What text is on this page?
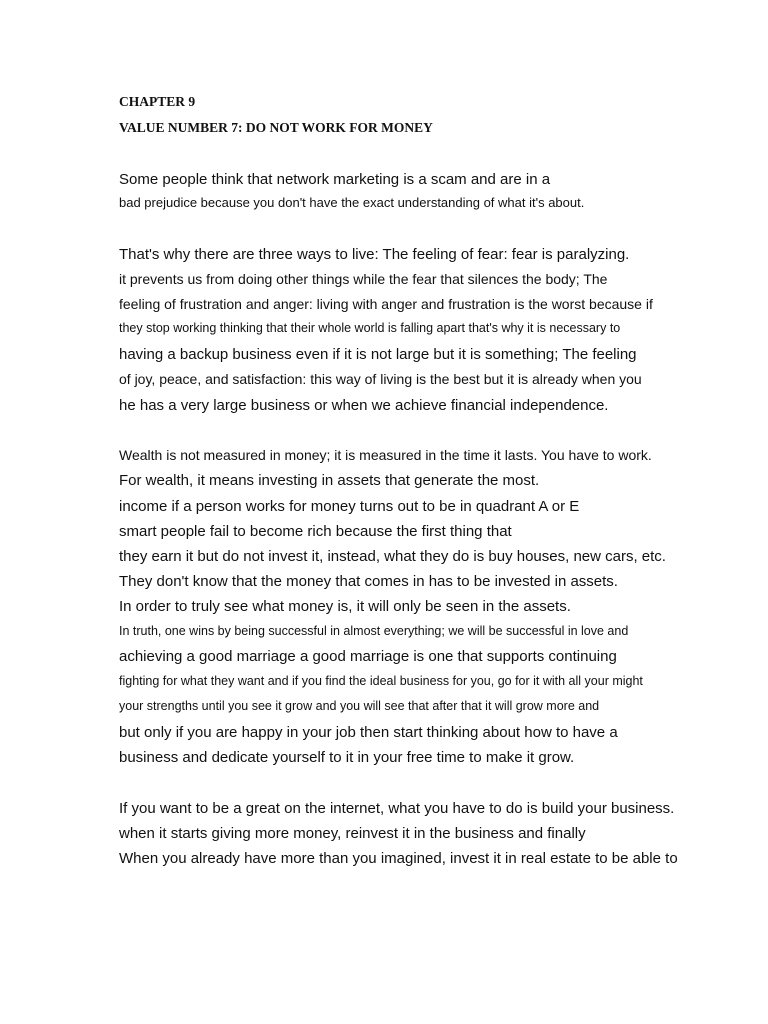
CHAPTER 9

VALUE NUMBER 7: DO NOT WORK FOR MONEY

Some people think that network marketing is a scam and are in a

bad prejudice because you don't have the exact understanding of what it's about.

That's why there are three ways to live: The feeling of fear: fear is paralyzing.

it prevents us from doing other things while the fear that silences the body; The

feeling of frustration and anger: living with anger and frustration is the worst because if

they stop working thinking that their whole world is falling apart that's why it is necessary to

having a backup business even if it is not large but it is something; The feeling

of joy, peace, and satisfaction: this way of living is the best but it is already when you

he has a very large business or when we achieve financial independence.

Wealth is not measured in money; it is measured in the time it lasts. You have to work.

For wealth, it means investing in assets that generate the most.

income if a person works for money turns out to be in quadrant A or E

smart people fail to become rich because the first thing that

they earn it but do not invest it, instead, what they do is buy houses, new cars, etc.

They don't know that the money that comes in has to be invested in assets.

In order to truly see what money is, it will only be seen in the assets.

In truth, one wins by being successful in almost everything; we will be successful in love and

achieving a good marriage a good marriage is one that supports continuing

fighting for what they want and if you find the ideal business for you, go for it with all your might

your strengths until you see it grow and you will see that after that it will grow more and

but only if you are happy in your job then start thinking about how to have a

business and dedicate yourself to it in your free time to make it grow.

If you want to be a great on the internet, what you have to do is build your business.

when it starts giving more money, reinvest it in the business and finally

When you already have more than you imagined, invest it in real estate to be able to
